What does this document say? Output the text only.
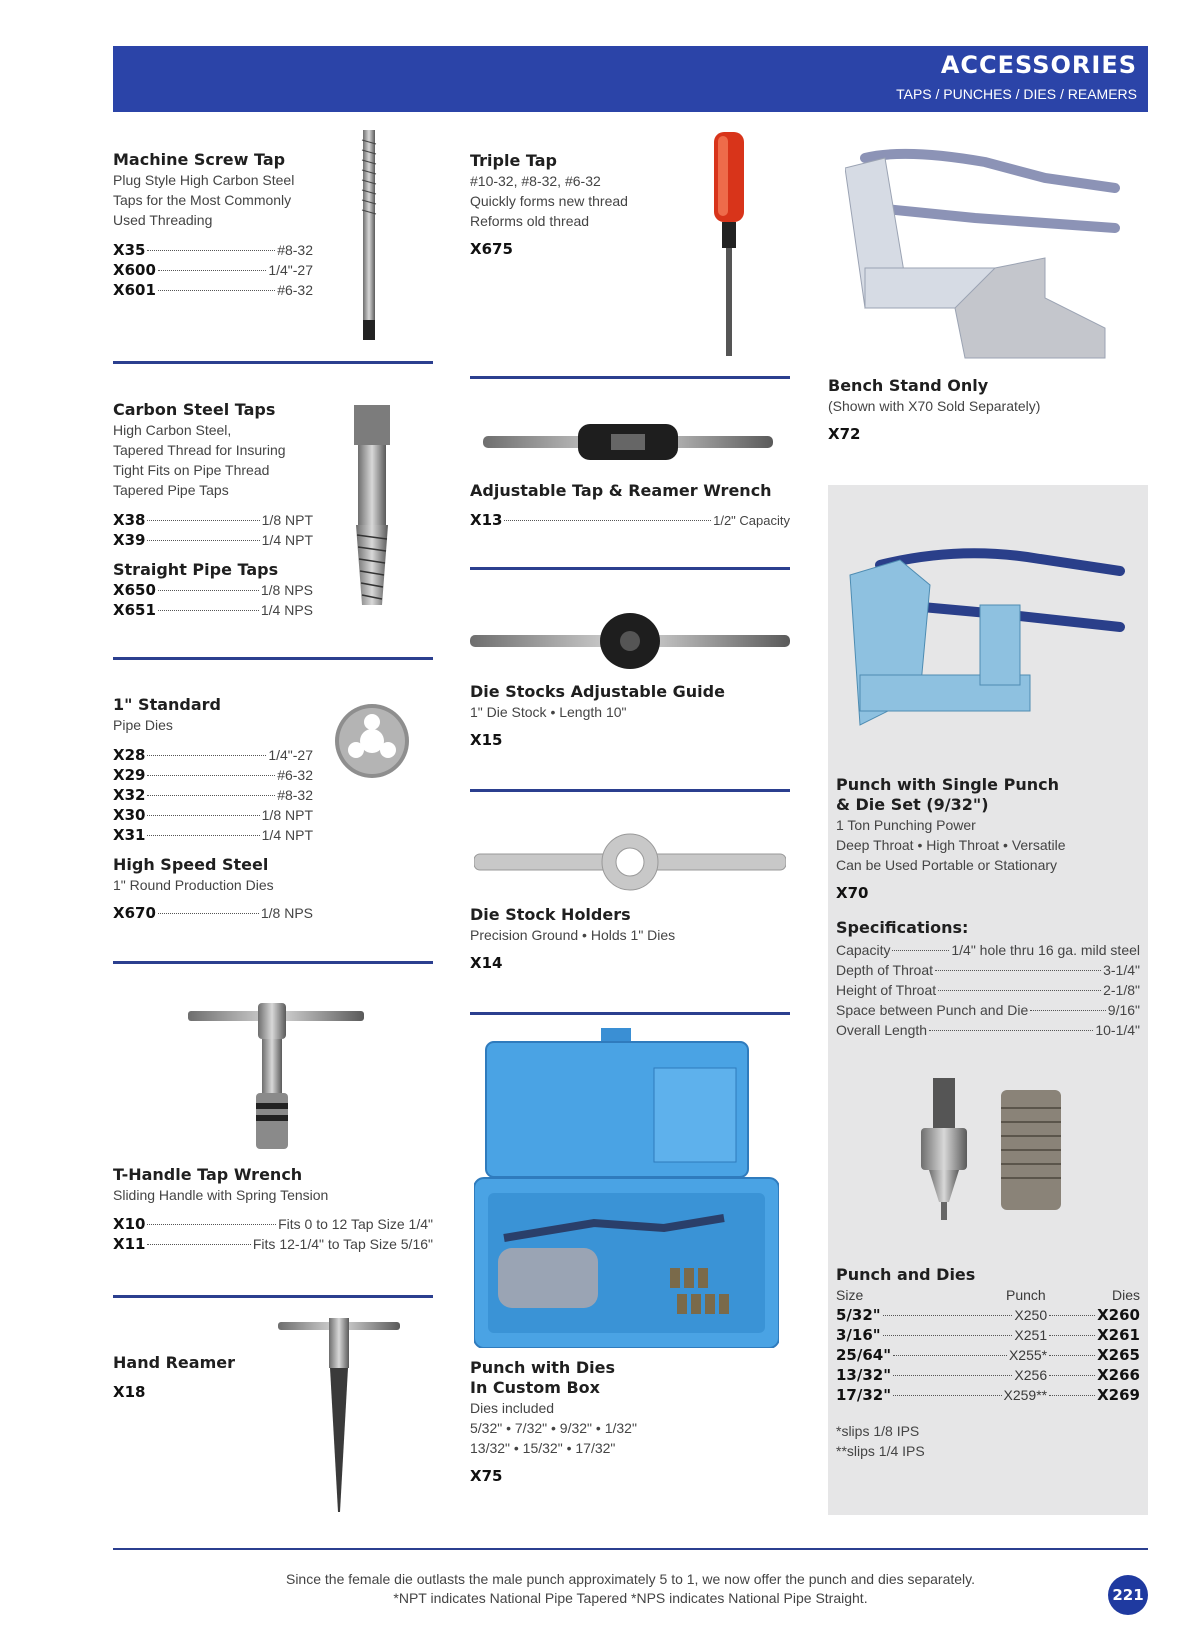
ACCESSORIES
TAPS / PUNCHES / DIES / REAMERS
Machine Screw Tap
Plug Style High Carbon Steel
Taps for the Most Commonly
Used Threading
X35	#8-32
X600	1/4"-27
X601	#6-32
Carbon Steel Taps
High Carbon Steel,
Tapered Thread for Insuring
Tight Fits on Pipe Thread
Tapered Pipe Taps
X38	1/8 NPT
X39	1/4 NPT
Straight Pipe Taps
X650	1/8 NPS
X651	1/4 NPS
1" Standard
Pipe Dies
X28	1/4"-27
X29	#6-32
X32	#8-32
X30	1/8 NPT
X31	1/4 NPT
High Speed Steel
1" Round Production Dies
X670	1/8 NPS
T-Handle Tap Wrench
Sliding Handle with Spring Tension
X10	Fits 0 to 12 Tap Size 1/4"
X11	Fits 12-1/4" to Tap Size 5/16"
Hand Reamer
X18
Triple Tap
#10-32, #8-32, #6-32
Quickly forms new thread
Reforms old thread
X675
Adjustable Tap & Reamer Wrench
X13	1/2" Capacity
Die Stocks Adjustable Guide
1" Die Stock • Length 10"
X15
Die Stock Holders
Precision Ground • Holds 1" Dies
X14
Punch with Dies
In Custom Box
Dies included
5/32" • 7/32" • 9/32" • 1/32"
13/32" • 15/32" • 17/32"
X75
Bench Stand Only
(Shown with X70 Sold Separately)
X72
Punch with Single Punch
& Die Set (9/32")
1 Ton Punching Power
Deep Throat • High Throat • Versatile
Can be Used Portable or Stationary
X70
Specifications:
Capacity	1/4" hole thru 16 ga. mild steel
Depth of Throat	3-1/4"
Height of Throat	2-1/8"
Space between Punch and Die	9/16"
Overall Length	10-1/4"
Punch and Dies
Size	Punch	Dies
5/32"	X250	X260
3/16"	X251	X261
25/64"	X255*	X265
13/32"	X256	X266
17/32"	X259**	X269
*slips 1/8 IPS
**slips 1/4 IPS
Since the female die outlasts the male punch approximately 5 to 1, we now offer the punch and dies separately.
*NPT indicates National Pipe Tapered *NPS indicates National Pipe Straight.	221
